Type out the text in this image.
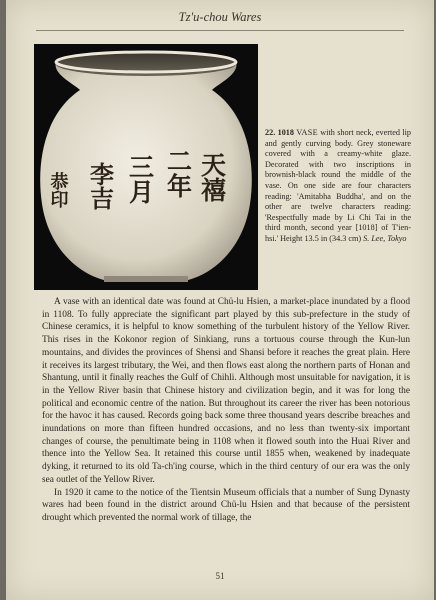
Tz'u-chou Wares
天禧
二年
三月
李吉
恭印
22. 1018 VASE with short neck, everted lip and gently curving body. Grey stoneware covered with a creamy-white glaze. Decorated with two inscriptions in brownish-black round the middle of the vase. On one side are four characters reading: 'Amitabha Buddha', and on the other are twelve characters reading: 'Respectfully made by Li Chi Tai in the third month, second year [1018] of T'ien-hsi.' Height 13.5 in (34.3 cm) S. Lee, Tokyo

A vase with an identical date was found at Chü-lu Hsien, a market-place inundated by a flood in 1108. To fully appreciate the significant part played by this sub-prefecture in the study of Chinese ceramics, it is helpful to know something of the turbulent history of the Yellow River. This rises in the Kokonor region of Sinkiang, runs a tortuous course through the Kun-lun mountains, and divides the provinces of Shensi and Shansi before it reaches the great plain. Here it receives its largest tributary, the Wei, and then flows east along the northern parts of Honan and Shantung, until it finally reaches the Gulf of Chihli. Although most unsuitable for navigation, it is in the Yellow River basin that Chinese history and civilization begin, and it was for long the political and economic centre of the nation. But throughout its career the river has been notorious for the havoc it has caused. Records going back some three thousand years describe breaches and inundations on more than fifteen hundred occasions, and no less than twenty-six important changes of course, the penultimate being in 1108 when it flowed south into the Huai River and thence into the Yellow Sea. It retained this course until 1855 when, weakened by inadequate dyking, it returned to its old Ta-ch'ing course, which in the third century of our era was the only sea outlet of the Yellow River.

In 1920 it came to the notice of the Tientsin Museum officials that a number of Sung Dynasty wares had been found in the district around Chü-lu Hsien and that because of the persistent drought which prevented the normal work of tillage, the

51
